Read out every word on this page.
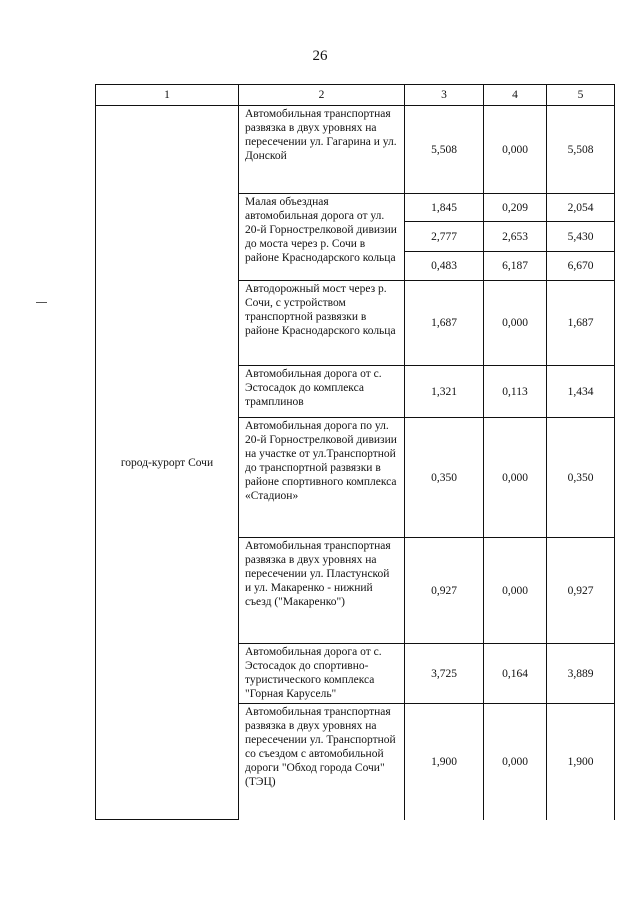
26
1	2	3	4	5
город-курорт Сочи	Автомобильная транспортная развязка в двух уровнях на пересечении ул. Гагарина и ул. Донской	5,508	0,000	5,508
	Малая объездная автомобильная дорога от ул. 20-й Горнострелковой дивизии до моста через р. Сочи в районе Краснодарского кольца	1,845	0,209	2,054
		2,777	2,653	5,430
		0,483	6,187	6,670
	Автодорожный мост через р. Сочи, с устройством транспортной развязки в районе Краснодарского кольца	1,687	0,000	1,687
	Автомобильная дорога от с. Эстосадок до комплекса трамплинов	1,321	0,113	1,434
	Автомобильная дорога по ул. 20-й Горнострелковой дивизии на участке от ул.Транспортной до транспортной развязки в районе спортивного комплекса «Стадион»	0,350	0,000	0,350
	Автомобильная транспортная развязка в двух уровнях на пересечении ул. Пластунской и ул. Макаренко - нижний съезд ("Макаренко")	0,927	0,000	0,927
	Автомобильная дорога от с. Эстосадок до спортивно-туристического комплекса "Горная Карусель"	3,725	0,164	3,889
	Автомобильная транспортная развязка в двух уровнях на пересечении ул. Транспортной со съездом с автомобильной дороги "Обход города Сочи" (ТЭЦ)	1,900	0,000	1,900
